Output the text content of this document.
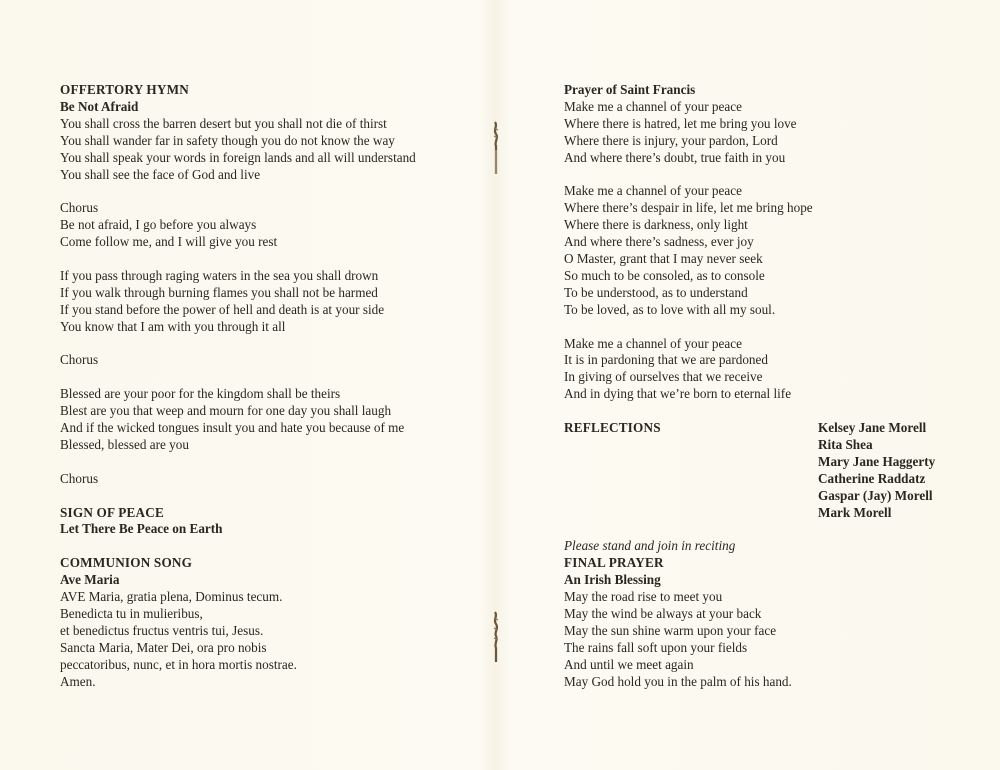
OFFERTORY HYMN
Be Not Afraid
You shall cross the barren desert but you shall not die of thirst
You shall wander far in safety though you do not know the way
You shall speak your words in foreign lands and all will understand
You shall see the face of God and live
Chorus
Be not afraid, I go before you always
Come follow me, and I will give you rest
If you pass through raging waters in the sea you shall drown
If you walk through burning flames you shall not be harmed
If you stand before the power of hell and death is at your side
You know that I am with you through it all
Chorus
Blessed are your poor for the kingdom shall be theirs
Blest are you that weep and mourn for one day you shall laugh
And if the wicked tongues insult you and hate you because of me
Blessed, blessed are you
Chorus
SIGN OF PEACE
Let There Be Peace on Earth
COMMUNION SONG
Ave Maria
AVE Maria, gratia plena, Dominus tecum.
Benedicta tu in mulieribus,
et benedictus fructus ventris tui, Jesus.
Sancta Maria, Mater Dei, ora pro nobis
peccatoribus, nunc, et in hora mortis nostrae.
Amen.
Prayer of Saint Francis
Make me a channel of your peace
Where there is hatred, let me bring you love
Where there is injury, your pardon, Lord
And where there’s doubt, true faith in you
Make me a channel of your peace
Where there’s despair in life, let me bring hope
Where there is darkness, only light
And where there’s sadness, ever joy
O Master, grant that I may never seek
So much to be consoled, as to console
To be understood, as to understand
To be loved, as to love with all my soul.
Make me a channel of your peace
It is in pardoning that we are pardoned
In giving of ourselves that we receive
And in dying that we’re born to eternal life
REFLECTIONS	Kelsey Jane Morell
Rita Shea
Mary Jane Haggerty
Catherine Raddatz
Gaspar (Jay) Morell
Mark Morell
Please stand and join in reciting
FINAL PRAYER
An Irish Blessing
May the road rise to meet you
May the wind be always at your back
May the sun shine warm upon your face
The rains fall soft upon your fields
And until we meet again
May God hold you in the palm of his hand.
